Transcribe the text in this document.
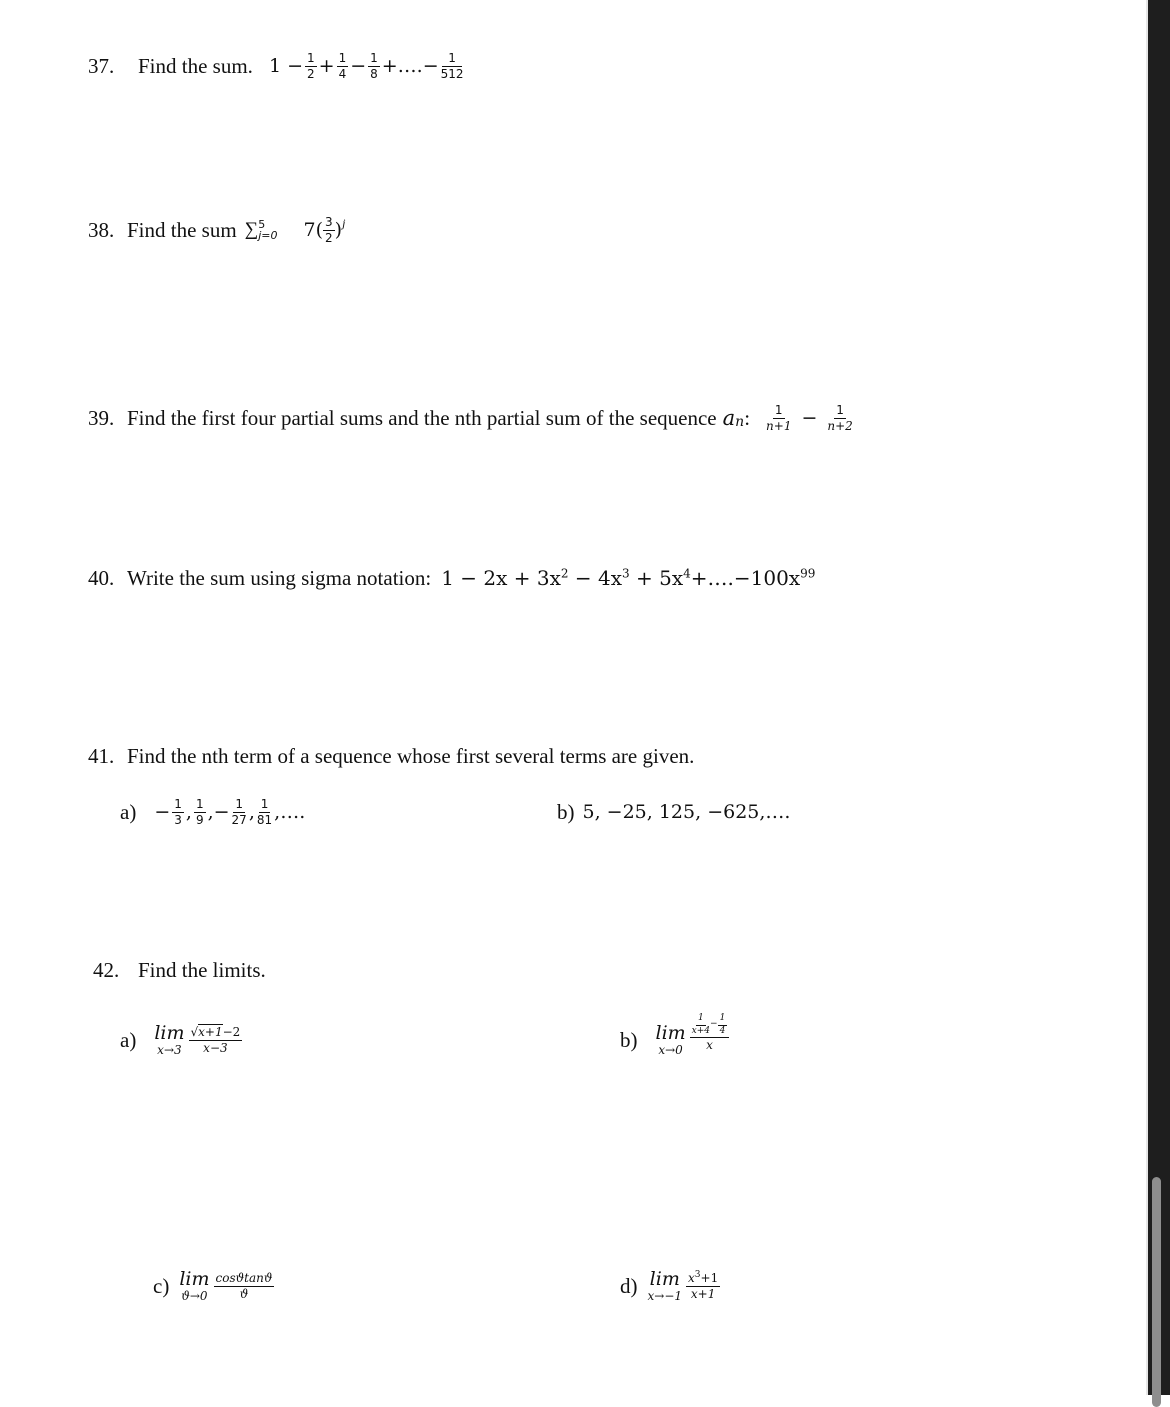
37.	Find the sum. $1 - \frac{1}{2} + \frac{1}{4} - \frac{1}{8}$ +…. − $\frac{1}{512}$
38. Find the sum ∑ 5
j=0 $7( \frac{3}{2} )^j$
39. Find the first four partial sums and the nth partial sum of the sequence a n : $\frac{1}{n+1} - \frac{1}{n+2}$
40. Write the sum using sigma notation: $1 - 2x + 3x^2 - 4x^3$ + $5x^4+\dots.-100x^{99}$
41. Find the nth term of a sequence whose first several terms are given.
$a) - \frac{1}{3}$ , $\frac{1}{9}$ ,− $\frac{1}{27}$ , $\frac{1}{81}$ ,….	b) 5, −25, 125, −625,….
42. Find the limits.
a) lim
$x\to 3 \frac{√x+1-2}{x-3}$	b) lim
$x\to 0 \frac{\frac{1}{x+4} - \frac{1}{4}}{x}$
c) lim
$ϑ\to 0 \frac{\cos ϑ\tan ϑ}{ϑ}$	d) lim
$x\to-1 \frac{x^3+1}{x+1}$
